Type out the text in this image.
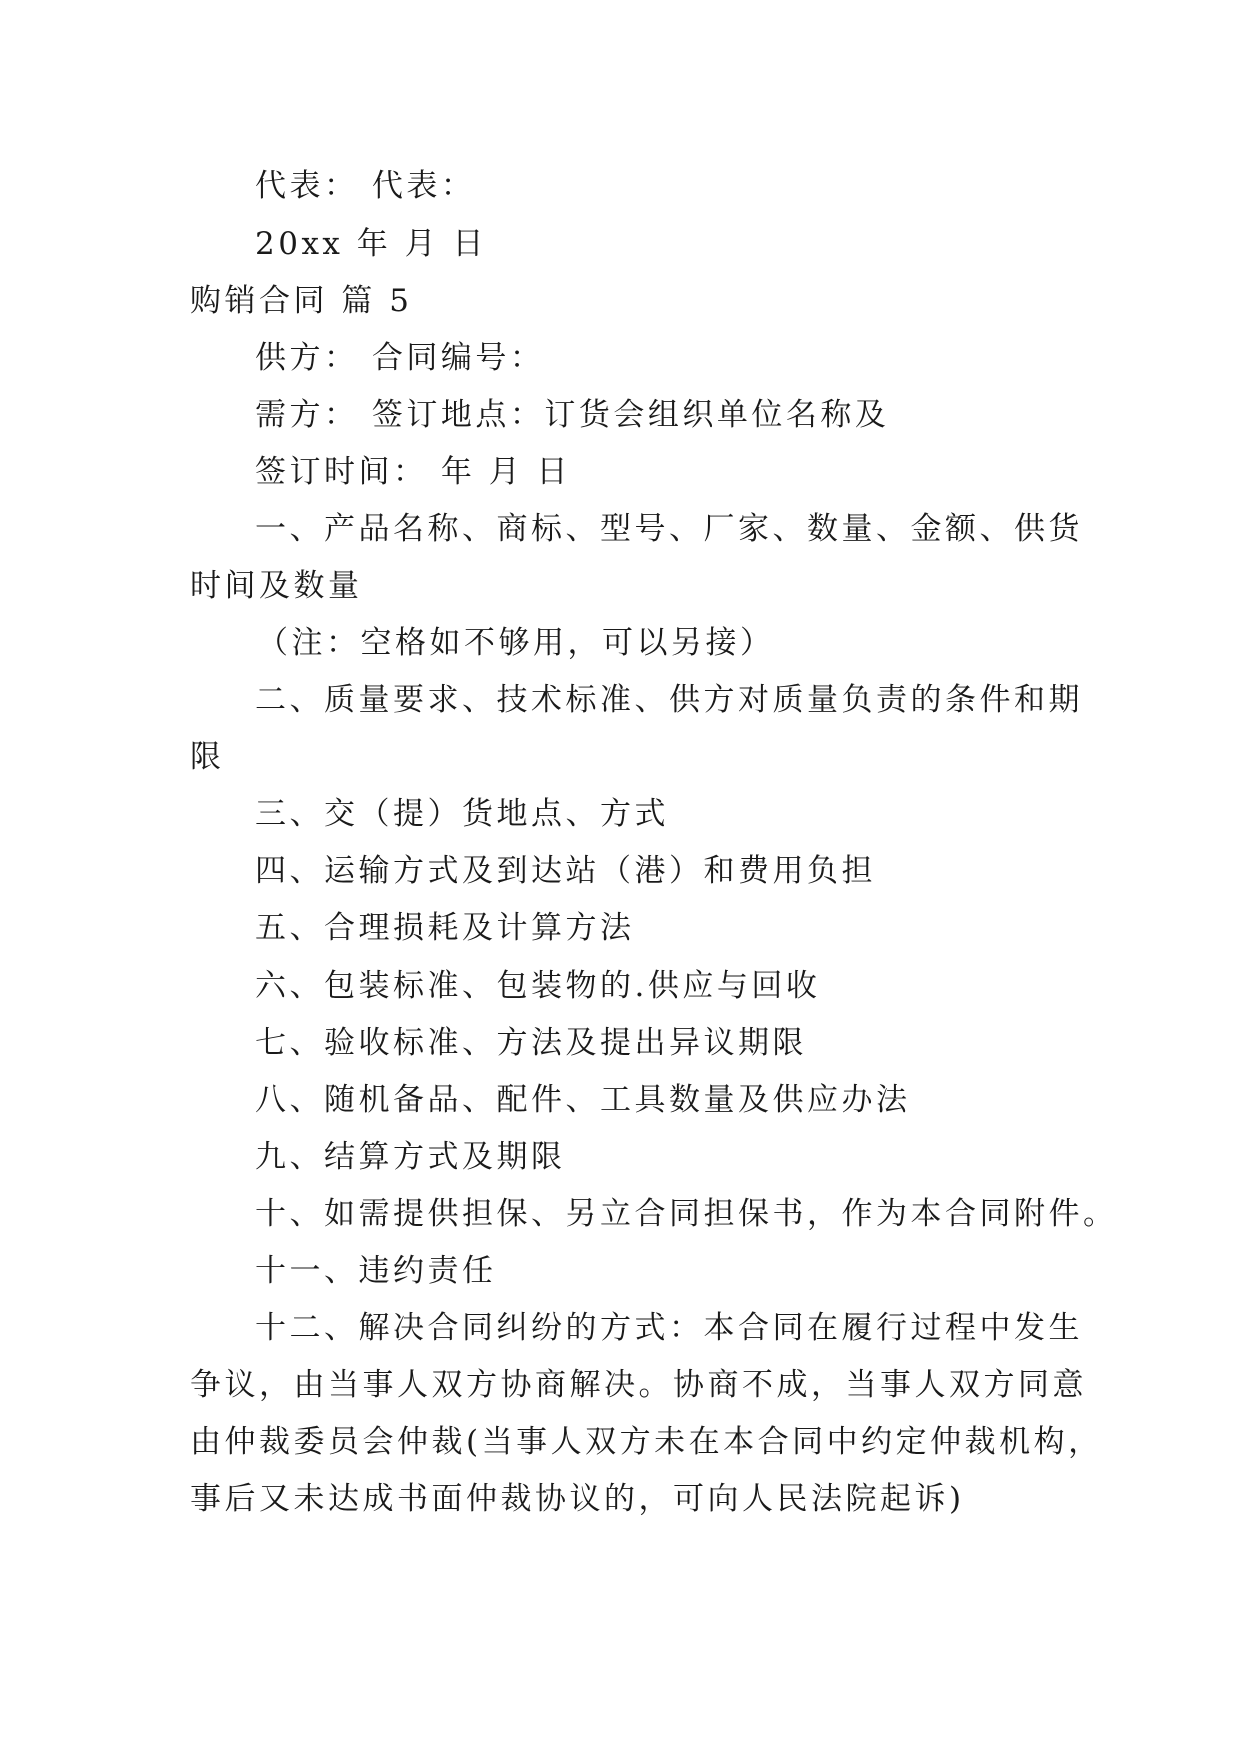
代表： 代表：
20xx 年 月 日
购销合同 篇 5
供方： 合同编号：
需方： 签订地点：订货会组织单位名称及
签订时间： 年 月 日
一、产品名称、商标、型号、厂家、数量、金额、供货
时间及数量
（注：空格如不够用，可以另接）
二、质量要求、技术标准、供方对质量负责的条件和期
限
三、交（提）货地点、方式
四、运输方式及到达站（港）和费用负担
五、合理损耗及计算方法
六、包装标准、包装物的.供应与回收
七、验收标准、方法及提出异议期限
八、随机备品、配件、工具数量及供应办法
九、结算方式及期限
十、如需提供担保、另立合同担保书，作为本合同附件。
十一、违约责任
十二、解决合同纠纷的方式：本合同在履行过程中发生
争议，由当事人双方协商解决。协商不成，当事人双方同意
由仲裁委员会仲裁(当事人双方未在本合同中约定仲裁机构，
事后又未达成书面仲裁协议的，可向人民法院起诉)
